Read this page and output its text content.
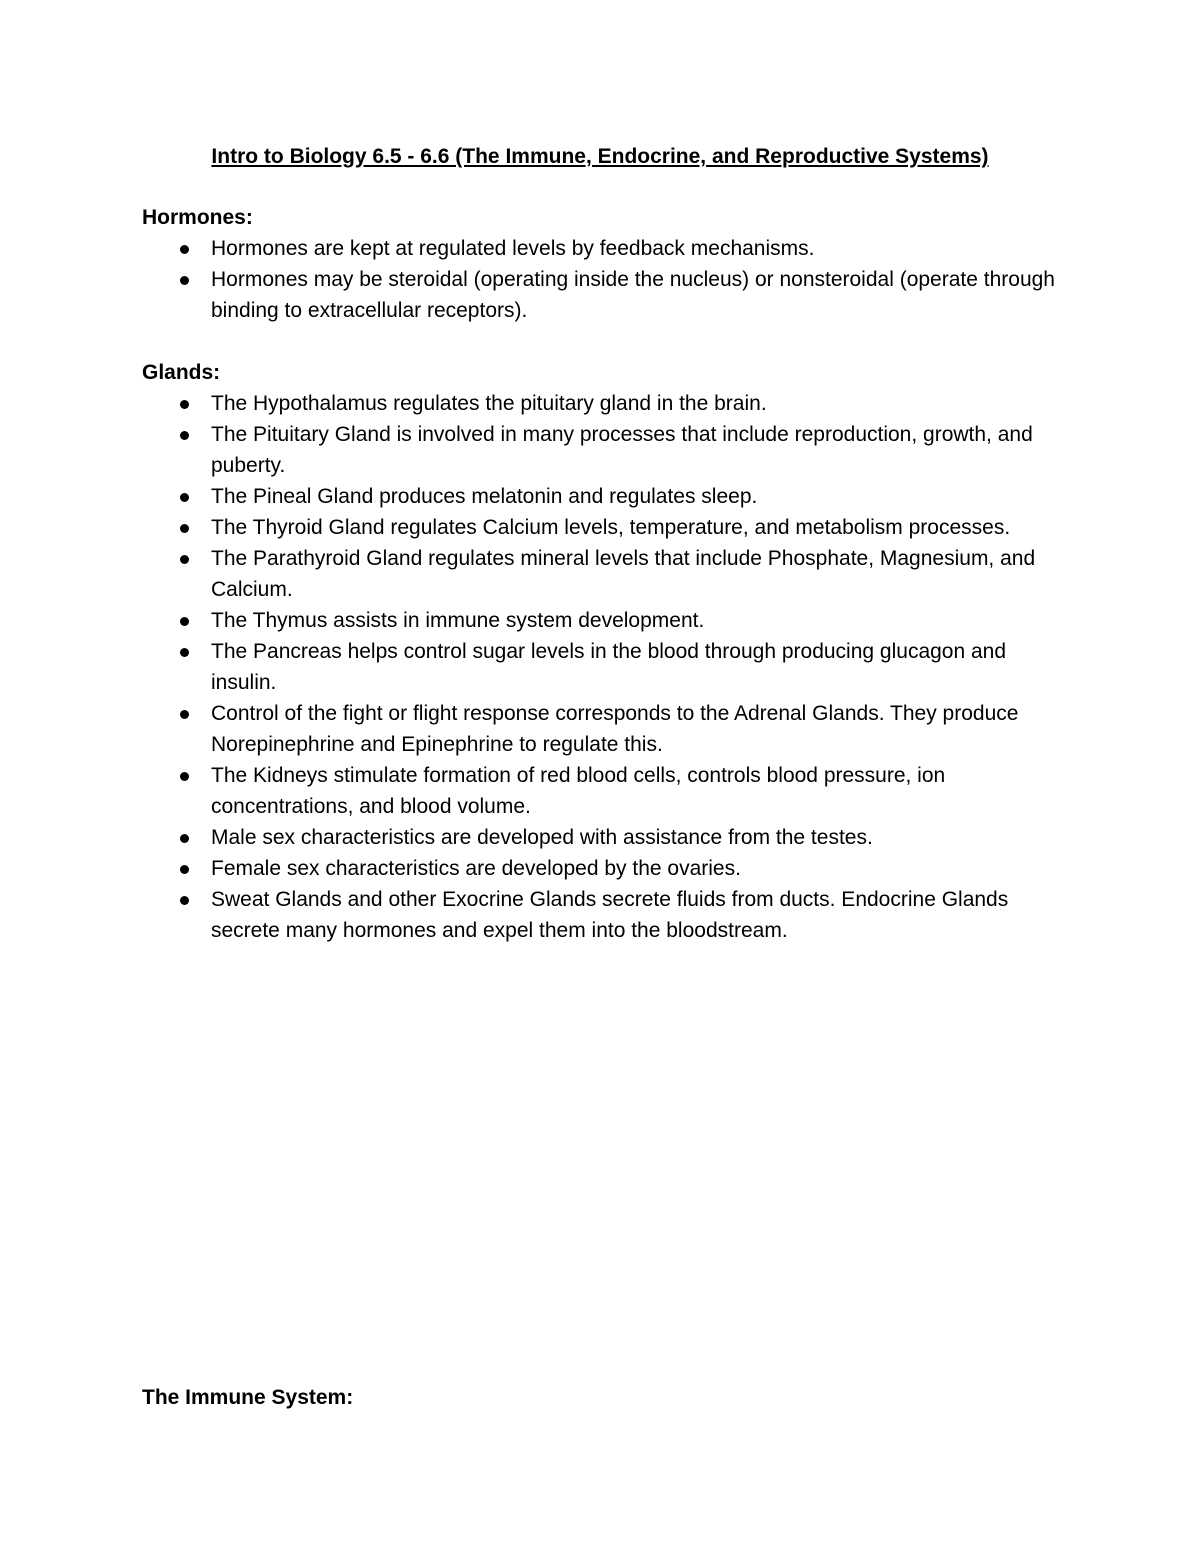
Intro to Biology 6.5 - 6.6 (The Immune, Endocrine, and Reproductive Systems)
Hormones:
Hormones are kept at regulated levels by feedback mechanisms.
Hormones may be steroidal (operating inside the nucleus) or nonsteroidal (operate through binding to extracellular receptors).
Glands:
The Hypothalamus regulates the pituitary gland in the brain.
The Pituitary Gland is involved in many processes that include reproduction, growth, and puberty.
The Pineal Gland produces melatonin and regulates sleep.
The Thyroid Gland regulates Calcium levels, temperature, and metabolism processes.
The Parathyroid Gland regulates mineral levels that include Phosphate, Magnesium, and Calcium.
The Thymus assists in immune system development.
The Pancreas helps control sugar levels in the blood through producing glucagon and insulin.
Control of the fight or flight response corresponds to the Adrenal Glands. They produce Norepinephrine and Epinephrine to regulate this.
The Kidneys stimulate formation of red blood cells, controls blood pressure, ion concentrations, and blood volume.
Male sex characteristics are developed with assistance from the testes.
Female sex characteristics are developed by the ovaries.
Sweat Glands and other Exocrine Glands secrete fluids from ducts. Endocrine Glands secrete many hormones and expel them into the bloodstream.
The Immune System:
